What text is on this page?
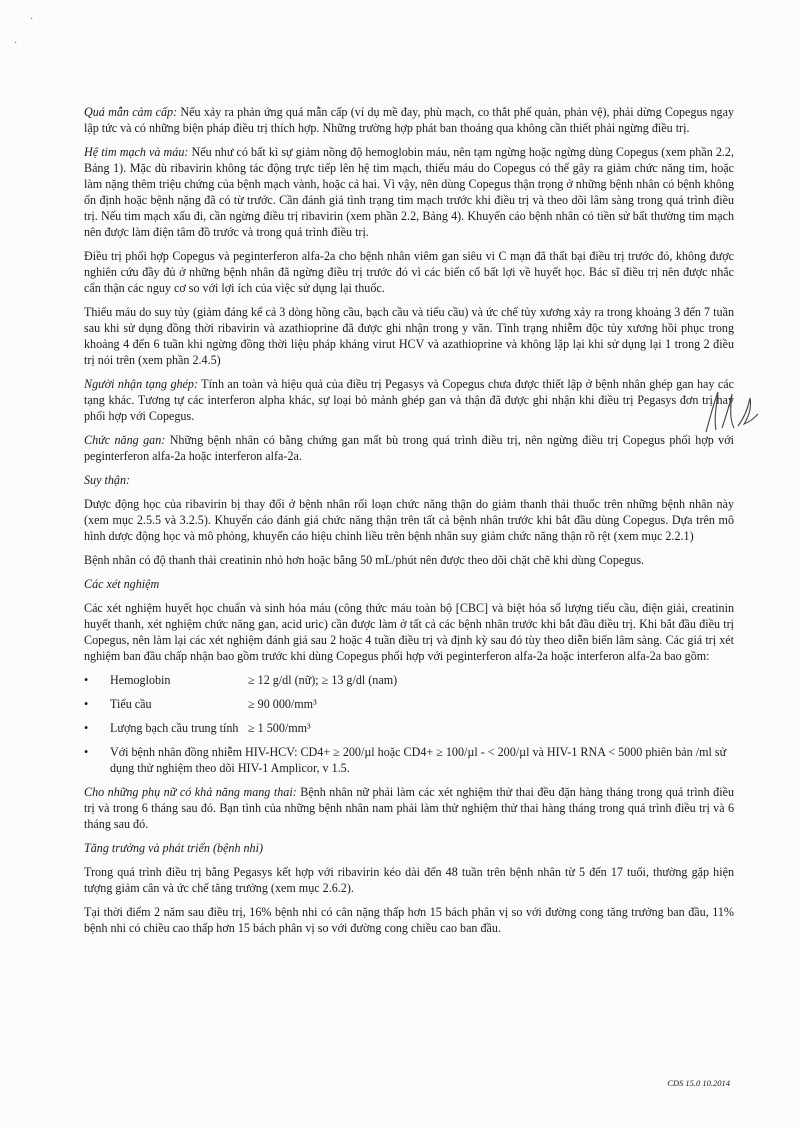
·
·

Quá mẫn cảm cấp: Nếu xảy ra phản ứng quá mẫn cấp (ví dụ mề đay, phù mạch, co thắt phế quản, phản vệ), phải dừng Copegus ngay lập tức và có những biện pháp điều trị thích hợp. Những trường hợp phát ban thoáng qua không cần thiết phải ngừng điều trị.

Hệ tim mạch và máu: Nếu như có bất kì sự giảm nồng độ hemoglobin máu, nên tạm ngừng hoặc ngừng dùng Copegus (xem phần 2.2, Bảng 1). Mặc dù ribavirin không tác động trực tiếp lên hệ tim mạch, thiếu máu do Copegus có thể gây ra giảm chức năng tim, hoặc làm nặng thêm triệu chứng của bệnh mạch vành, hoặc cả hai. Vì vậy, nên dùng Copegus thận trọng ở những bệnh nhân có bệnh không ổn định hoặc bệnh nặng đã có từ trước. Cần đánh giá tình trạng tim mạch trước khi điều trị và theo dõi lâm sàng trong quá trình điều trị. Nếu tim mạch xấu đi, cần ngừng điều trị ribavirin (xem phần 2.2, Bảng 4). Khuyến cáo bệnh nhân có tiền sử bất thường tim mạch nên được làm điện tâm đồ trước và trong quá trình điều trị.

Điều trị phối hợp Copegus và peginterferon alfa-2a cho bệnh nhân viêm gan siêu vi C mạn đã thất bại điều trị trước đó, không được nghiên cứu đầy đủ ở những bệnh nhân đã ngừng điều trị trước đó vì các biến cố bất lợi về huyết học. Bác sĩ điều trị nên được nhắc cẩn thận các nguy cơ so với lợi ích của việc sử dụng lại thuốc.

Thiếu máu do suy tủy (giảm đáng kể cả 3 dòng hồng cầu, bạch cầu và tiểu cầu) và ức chế tủy xương xảy ra trong khoảng 3 đến 7 tuần sau khi sử dụng đồng thời ribavirin và azathioprine đã được ghi nhận trong y văn. Tình trạng nhiễm độc tủy xương hồi phục trong khoảng 4 đến 6 tuần khi ngừng đồng thời liệu pháp kháng virut HCV và azathioprine và không lặp lại khi sử dụng lại 1 trong 2 điều trị nói trên (xem phần 2.4.5)

Người nhận tạng ghép: Tính an toàn và hiệu quả của điều trị Pegasys và Copegus chưa được thiết lập ở bệnh nhân ghép gan hay các tạng khác. Tương tự các interferon alpha khác, sự loại bỏ mảnh ghép gan và thận đã được ghi nhận khi điều trị Pegasys đơn trị hay phối hợp với Copegus.

Chức năng gan: Những bệnh nhân có bằng chứng gan mất bù trong quá trình điều trị, nên ngừng điều trị Copegus phối hợp với peginterferon alfa-2a hoặc interferon alfa-2a.

Suy thận:

Dược động học của ribavirin bị thay đổi ở bệnh nhân rối loạn chức năng thận do giảm thanh thải thuốc trên những bệnh nhân này (xem mục 2.5.5 và 3.2.5). Khuyến cáo đánh giá chức năng thận trên tất cả bệnh nhân trước khi bắt đầu dùng Copegus. Dựa trên mô hình dược động học và mô phỏng, khuyến cáo hiệu chỉnh liều trên bệnh nhân suy giảm chức năng thận rõ rệt (xem mục 2.2.1)

Bệnh nhân có độ thanh thải creatinin nhỏ hơn hoặc bằng 50 mL/phút nên được theo dõi chặt chẽ khi dùng Copegus.

Các xét nghiệm

Các xét nghiệm huyết học chuẩn và sinh hóa máu (công thức máu toàn bộ [CBC] và biệt hóa số lượng tiểu cầu, điện giải, creatinin huyết thanh, xét nghiệm chức năng gan, acid uric) cần được làm ở tất cả các bệnh nhân trước khi bắt đầu điều trị. Khi bắt đầu điều trị Copegus, nên làm lại các xét nghiệm đánh giá sau 2 hoặc 4 tuần điều trị và định kỳ sau đó tùy theo diễn biến lâm sàng. Các giá trị xét nghiệm ban đầu chấp nhận bao gồm trước khi dùng Copegus phối hợp với peginterferon alfa-2a hoặc interferon alfa-2a bao gồm:

• Hemoglobin	≥ 12 g/dl (nữ); ≥ 13 g/dl (nam)
• Tiểu cầu	≥ 90 000/mm³
• Lượng bạch cầu trung tính ≥ 1 500/mm³
• Với bệnh nhân đồng nhiễm HIV-HCV: CD4+ ≥ 200/µl hoặc CD4+ ≥ 100/µl - < 200/µl và HIV-1 RNA < 5000 phiên bản /ml sử dụng thử nghiệm theo dõi HIV-1 Amplicor, v 1.5.

Cho những phụ nữ có khả năng mang thai: Bệnh nhân nữ phải làm các xét nghiệm thử thai đều đặn hàng tháng trong quá trình điều trị và trong 6 tháng sau đó. Bạn tình của những bệnh nhân nam phải làm thử nghiệm thử thai hàng tháng trong quá trình điều trị và 6 tháng sau đó.

Tăng trưởng và phát triển (bệnh nhi)

Trong quá trình điều trị bằng Pegasys kết hợp với ribavirin kéo dài đến 48 tuần trên bệnh nhân từ 5 đến 17 tuổi, thường gặp hiện tượng giảm cân và ức chế tăng trưởng (xem mục 2.6.2).

Tại thời điểm 2 năm sau điều trị, 16% bệnh nhi có cân nặng thấp hơn 15 bách phân vị so với đường cong tăng trưởng ban đầu, 11% bệnh nhi có chiều cao thấp hơn 15 bách phân vị so với đường cong chiều cao ban đầu.

CDS 15.0 10.2014
